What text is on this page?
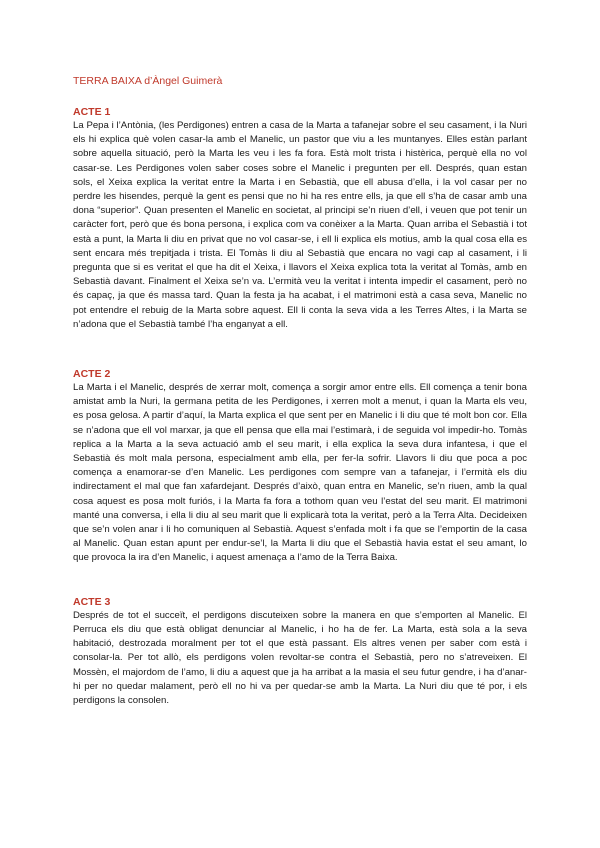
TERRA BAIXA d’Àngel Guimerà

ACTE 1

La Pepa i l’Antònia, (les Perdigones) entren a casa de la Marta a tafanejar sobre el seu casament, i la Nuri els hi explica què volen casar-la amb el Manelic, un pastor que viu a les muntanyes. Elles estàn parlant sobre aquella situació, però la Marta les veu i les fa fora. Està molt trista i histèrica, perquè ella no vol casar-se. Les Perdigones volen saber coses sobre el Manelic i pregunten per ell. Després, quan estan sols, el Xeixa explica la veritat entre la Marta i en Sebastià, que ell abusa d’ella, i la vol casar per no perdre les hisendes, perquè la gent es pensi que no hi ha res entre ells, ja que ell s’ha de casar amb una dona “superior”. Quan presenten el Manelic en societat, al principi se’n riuen d’ell, i veuen que pot tenir un caràcter fort, però que és bona persona, i explica com va conèixer a la Marta. Quan arriba el Sebastià i tot està a punt, la Marta li diu en privat que no vol casar-se, i ell li explica els motius, amb la qual cosa ella es sent encara més trepitjada i trista. El Tomàs li diu al Sebastià que encara no vagi cap al casament, i li pregunta que si es veritat el que ha dit el Xeixa, i llavors el Xeixa explica tota la veritat al Tomàs, amb en Sebastià davant. Finalment el Xeixa se’n va. L’ermità veu la veritat i intenta impedir el casament, però no és capaç, ja que és massa tard. Quan la festa ja ha acabat, i el matrimoni està a casa seva, Manelic no pot entendre el rebuig de la Marta sobre aquest. Ell li conta la seva vida a les Terres Altes, i la Marta se n’adona que el Sebastià també l’ha enganyat a ell.

ACTE 2

La Marta i el Manelic, després de xerrar molt, comença a sorgir amor entre ells. Ell comença a tenir bona amistat amb la Nuri, la germana petita de les Perdigones, i xerren molt a menut, i quan la Marta els veu, es posa gelosa. A partir d’aquí, la Marta explica el que sent per en Manelic i li diu que té molt bon cor. Ella se n’adona que ell vol marxar, ja que ell pensa que ella mai l’estimarà, i de seguida vol impedir-ho. Tomàs replica a la Marta a la seva actuació amb el seu marit, i ella explica la seva dura infantesa, i que el Sebastià és molt mala persona, especialment amb ella, per fer-la sofrir. Llavors li diu que poca a poc comença a enamorar-se d’en Manelic. Les perdigones com sempre van a tafanejar, i l’ermità els diu indirectament el mal que fan xafardejant. Després d’això, quan entra en Manelic, se’n riuen, amb la qual cosa aquest es posa molt furiós, i la Marta fa fora a tothom quan veu l’estat del seu marit. El matrimoni manté una conversa, i ella li diu al seu marit que li explicarà tota la veritat, però a la Terra Alta. Decideixen que se’n volen anar i li ho comuniquen al Sebastià. Aquest s’enfada molt i fa que se l’emportin de la casa al Manelic. Quan estan apunt per endur-se’l, la Marta li diu que el Sebastià havia estat el seu amant, lo que provoca la ira d’en Manelic, i aquest amenaça a l’amo de la Terra Baixa.

ACTE 3

Després de tot el succeït, el perdigons discuteixen sobre la manera en que s’emporten al Manelic. El Perruca els diu que està obligat denunciar al Manelic, i ho ha de fer. La Marta, està sola a la seva habitació, destrozada moralment per tot el que està passant. Els altres venen per saber com està i consolar-la. Per tot allò, els perdigons volen revoltar-se contra el Sebastià, pero no s’atreveixen. El Mossèn, el majordom de l’amo, li diu a aquest que ja ha arribat a la masia el seu futur gendre, i ha d’anar-hi per no quedar malament, però ell no hi va per quedar-se amb la Marta. La Nuri diu que té por, i els perdigons la consolen.
